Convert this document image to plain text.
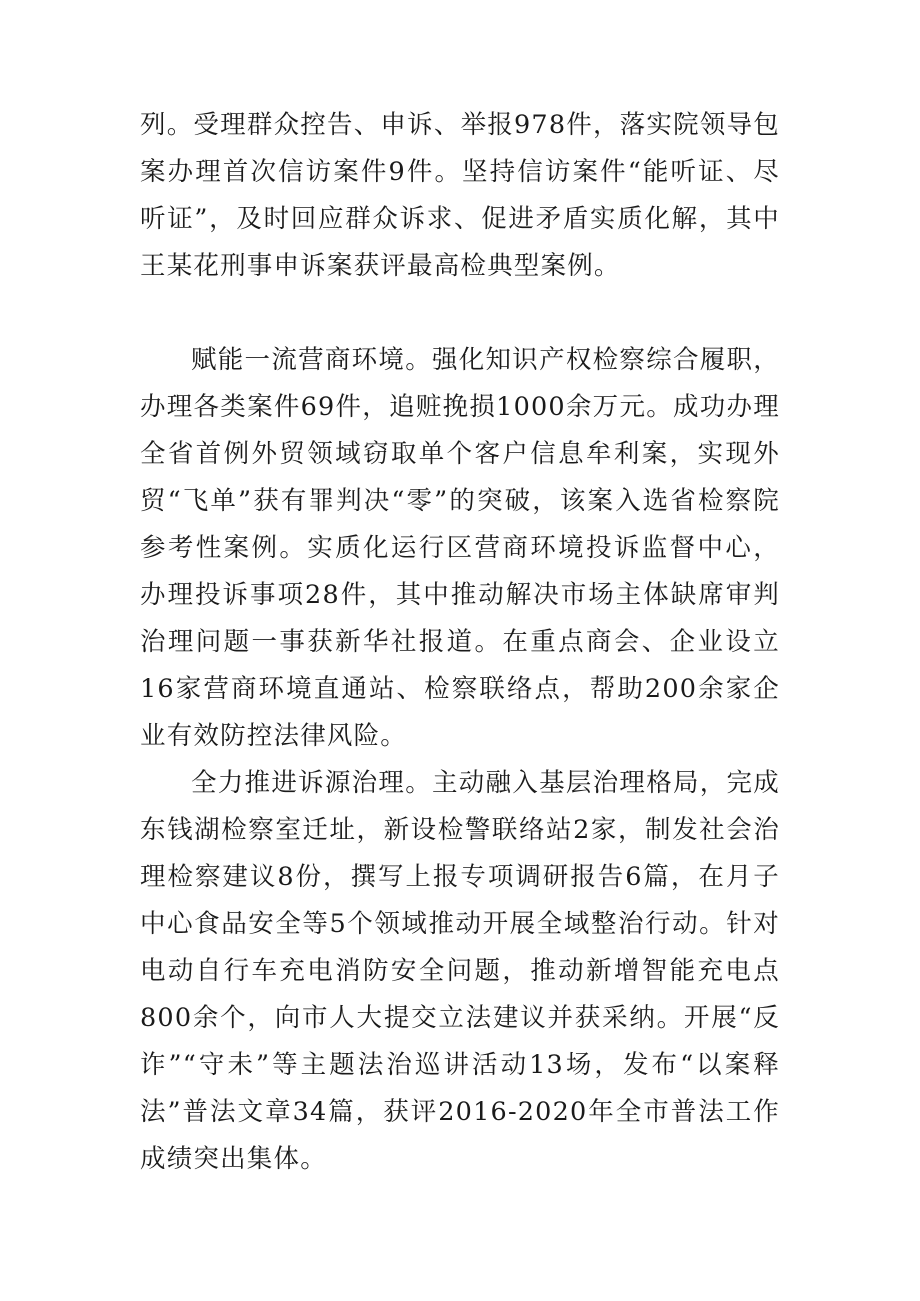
列。受理群众控告、申诉、举报978件，落实院领导包案办理首次信访案件9件。坚持信访案件“能听证、尽听证”，及时回应群众诉求、促进矛盾实质化解，其中王某花刑事申诉案获评最高检典型案例。

赋能一流营商环境。强化知识产权检察综合履职，办理各类案件69件，追赃挽损1000余万元。成功办理全省首例外贸领域窃取单个客户信息牟利案，实现外贸“飞单”获有罪判决“零”的突破，该案入选省检察院参考性案例。实质化运行区营商环境投诉监督中心，办理投诉事项28件，其中推动解决市场主体缺席审判治理问题一事获新华社报道。在重点商会、企业设立16家营商环境直通站、检察联络点，帮助200余家企业有效防控法律风险。

全力推进诉源治理。主动融入基层治理格局，完成东钱湖检察室迁址，新设检警联络站2家，制发社会治理检察建议8份，撰写上报专项调研报告6篇，在月子中心食品安全等5个领域推动开展全域整治行动。针对电动自行车充电消防安全问题，推动新增智能充电点800余个，向市人大提交立法建议并获采纳。开展“反诈”“守未”等主题法治巡讲活动13场，发布“以案释法”普法文章34篇，获评2016-2020年全市普法工作成绩突出集体。
